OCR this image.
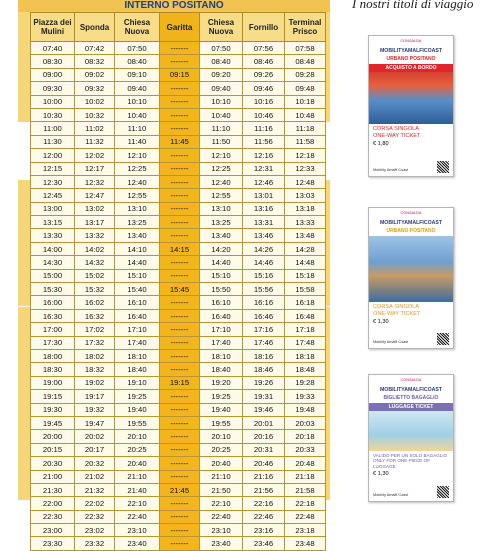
INTERNO POSITANO
Piazza dei Mulini	Sponda	Chiesa Nuova	Garitta	Chiesa Nuova	Fornillo	Terminal Prisco
07:40	07:42	07:50	-------	07:50	07:56	07:58
08:30	08:32	08:40	-------	08:40	08:46	08:48
09:00	09:02	09:10	09:15	09:20	09:26	09:28
09:30	09:32	09:40	-------	09:40	09:46	09:48
10:00	10:02	10:10	-------	10:10	10:16	10:18
10:30	10:32	10:40	-------	10:40	10:46	10:48
11:00	11:02	11:10	-------	11:10	11:16	11:18
11:30	11:32	11:40	11:45	11:50	11:56	11:58
12:00	12:02	12:10	-------	12:10	12:16	12:18
12:15	12:17	12:25	-------	12:25	12:31	12:33
12:30	12:32	12:40	-------	12:40	12:46	12:48
12:45	12:47	12:55	-------	12:55	13:01	13:03
13:00	13:02	13:10	-------	13:10	13:16	13:18
13:15	13:17	13:25	-------	13:25	13:31	13:33
13:30	13:32	13:40	-------	13:40	13:46	13:48
14:00	14:02	14:10	14:15	14:20	14:26	14:28
14:30	14:32	14:40	-------	14:40	14:46	14:48
15:00	15:02	15:10	-------	15:10	15:16	15:18
15:30	15:32	15:40	15:45	15:50	15:56	15:58
16:00	16:02	16:10	-------	16:10	16:16	16:18
16:30	16:32	16:40	-------	16:40	16:46	16:48
17:00	17:02	17:10	-------	17:10	17:16	17:18
17:30	17:32	17:40	-------	17:40	17:46	17:48
18:00	18:02	18:10	-------	18:10	18:16	18:18
18:30	18:32	18:40	-------	18:40	18:46	18:48
19:00	19:02	19:10	19:15	19:20	19:26	19:28
19:15	19:17	19:25	-------	19:25	19:31	19:33
19:30	19:32	19:40	-------	19:40	19:46	19:48
19:45	19:47	19:55	-------	19:55	20:01	20:03
20:00	20:02	20:10	-------	20:10	20:16	20:18
20:15	20:17	20:25	-------	20:25	20:31	20:33
20:30	20:32	20:40	-------	20:40	20:46	20:48
21:00	21:02	21:10	-------	21:10	21:16	21:18
21:30	21:32	21:40	21:45	21:50	21:56	21:58
22:00	22:02	22:10	-------	22:10	22:16	22:18
22:30	22:32	22:40	-------	22:40	22:46	22:48
23:00	23:02	23:10	-------	23:10	23:16	23:18
23:30	23:32	23:40	-------	23:40	23:46	23:48
I nostri titoli di viaggio
CONSALDA
MOBILITYAMALFICOAST
URBANO POSITANO
ACQUISTO A BORDO
CORSA SINGOLA
ONE-WAY TICKET
€ 1,80
Mobility Amalfi Coast
CONSALDA
MOBILITYAMALFICOAST
URBANO POSITANO
CORSA SINGOLA
ONE-WAY TICKET
€ 1,30
Mobility Amalfi Coast
CONSALDA
MOBILITYAMALFICOAST
BIGLIETTO BAGAGLIO
LUGGAGE TICKET
VALIDO PER UN SOLO BAGAGLIO
ONLY FOR ONE PIECE OF LUGGAGE
€ 1,30
Mobility Amalfi Coast
